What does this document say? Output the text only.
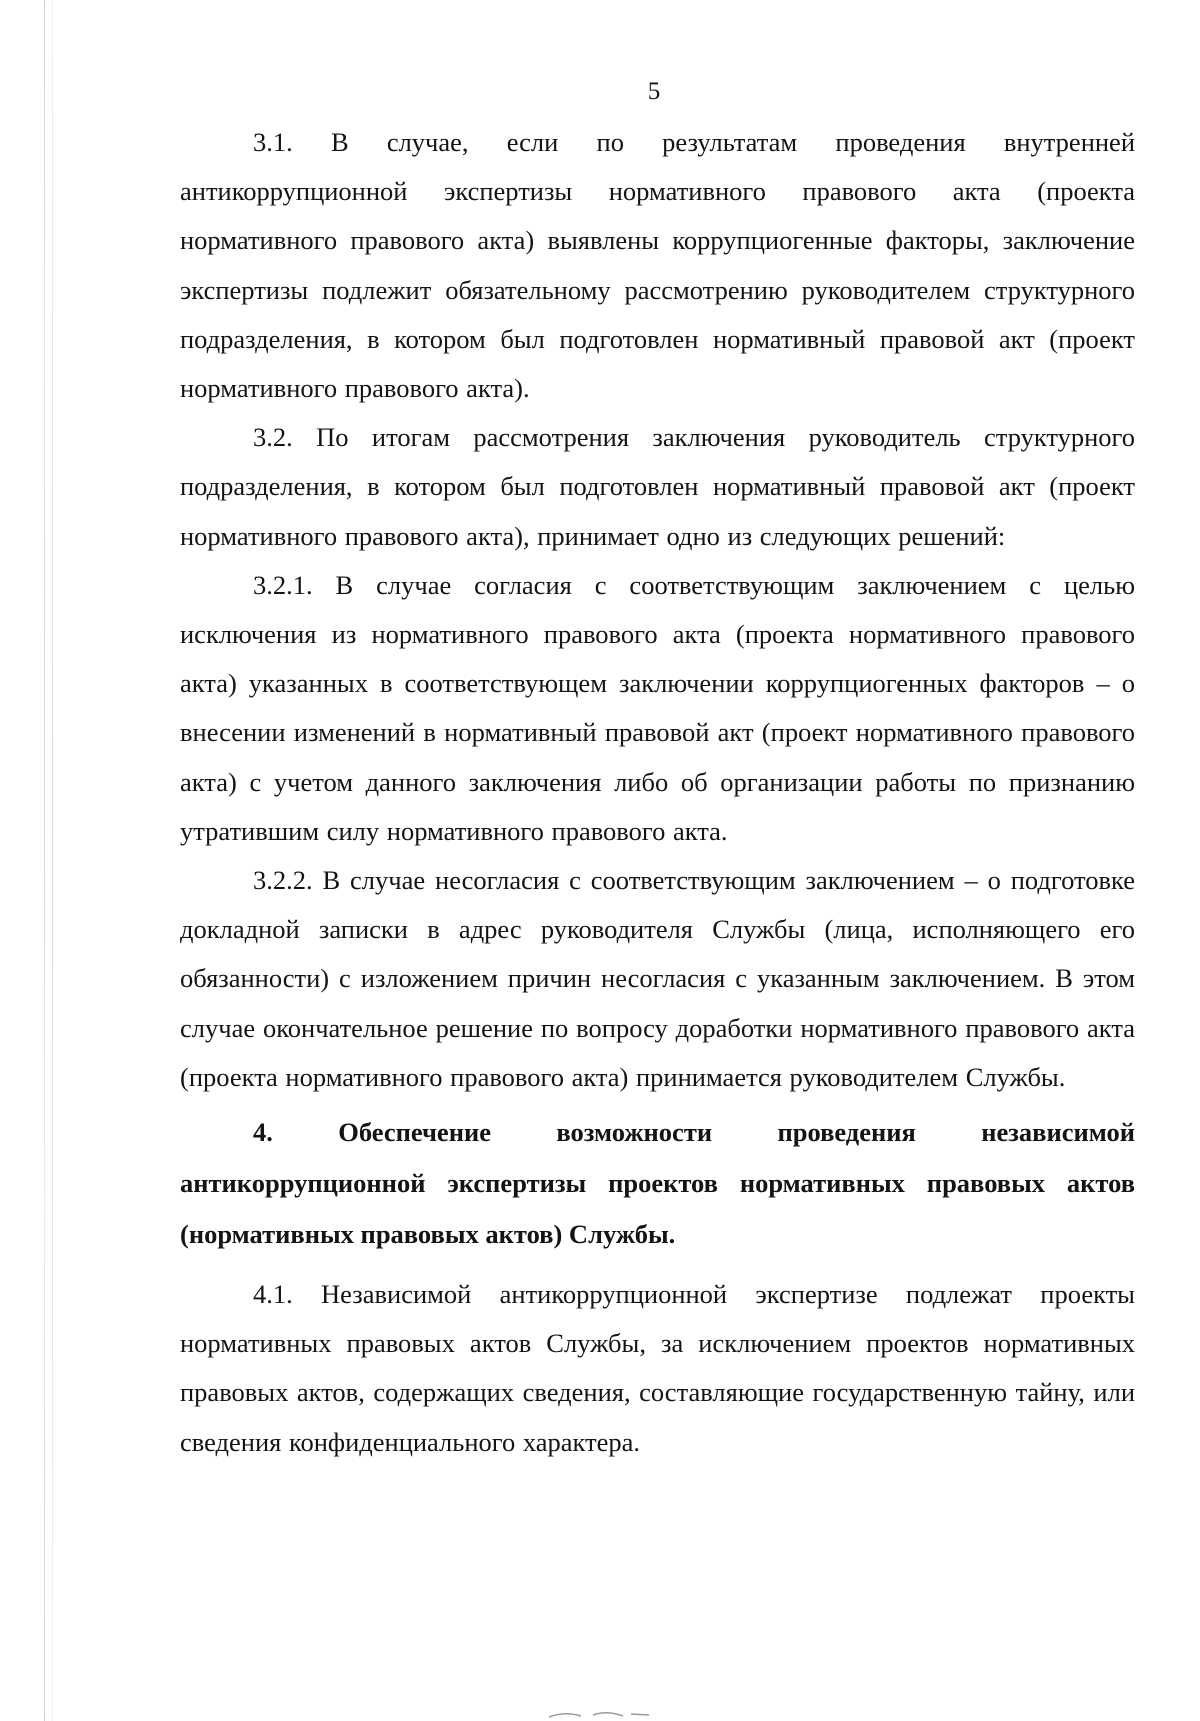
5

3.1. В случае, если по результатам проведения внутренней антикоррупционной экспертизы нормативного правового акта (проекта нормативного правового акта) выявлены коррупциогенные факторы, заключение экспертизы подлежит обязательному рассмотрению руководителем структурного подразделения, в котором был подготовлен нормативный правовой акт (проект нормативного правового акта).

3.2. По итогам рассмотрения заключения руководитель структурного подразделения, в котором был подготовлен нормативный правовой акт (проект нормативного правового акта), принимает одно из следующих решений:

3.2.1. В случае согласия с соответствующим заключением с целью исключения из нормативного правового акта (проекта нормативного правового акта) указанных в соответствующем заключении коррупциогенных факторов – о внесении изменений в нормативный правовой акт (проект нормативного правового акта) с учетом данного заключения либо об организации работы по признанию утратившим силу нормативного правового акта.

3.2.2. В случае несогласия с соответствующим заключением – о подготовке докладной записки в адрес руководителя Службы (лица, исполняющего его обязанности) с изложением причин несогласия с указанным заключением. В этом случае окончательное решение по вопросу доработки нормативного правового акта (проекта нормативного правового акта) принимается руководителем Службы.

4. Обеспечение возможности проведения независимой антикоррупционной экспертизы проектов нормативных правовых актов (нормативных правовых актов) Службы.

4.1. Независимой антикоррупционной экспертизе подлежат проекты нормативных правовых актов Службы, за исключением проектов нормативных правовых актов, содержащих сведения, составляющие государственную тайну, или сведения конфиденциального характера.
